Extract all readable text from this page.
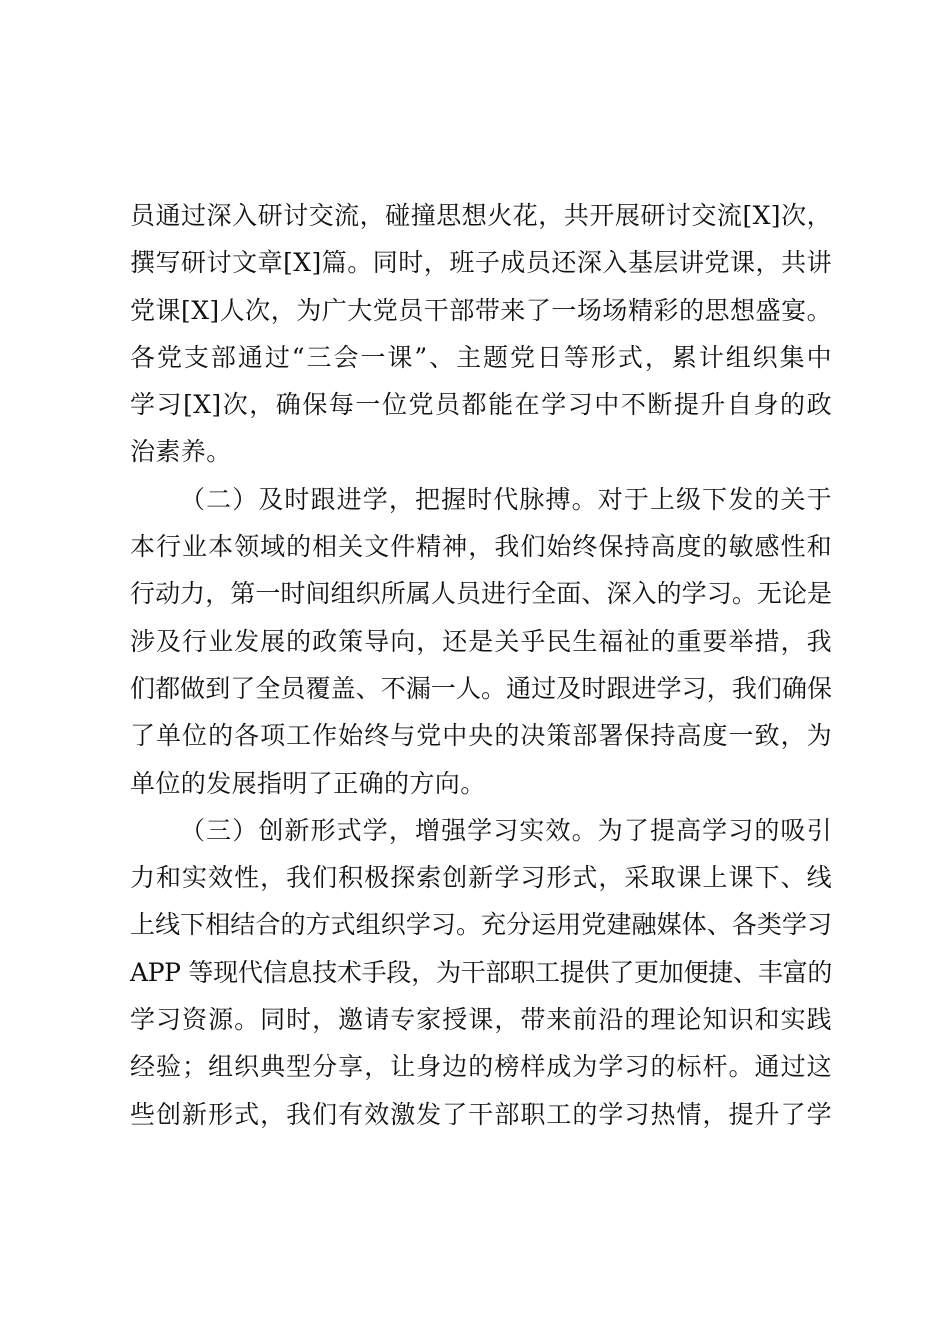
员通过深入研讨交流，碰撞思想火花，共开展研讨交流[X]次，
撰写研讨文章[X]篇。同时，班子成员还深入基层讲党课，共讲
党课[X]人次，为广大党员干部带来了一场场精彩的思想盛宴。
各党支部通过“三会一课”、主题党日等形式，累计组织集中
学习[X]次，确保每一位党员都能在学习中不断提升自身的政
治素养。
（二）及时跟进学，把握时代脉搏。对于上级下发的关于
本行业本领域的相关文件精神，我们始终保持高度的敏感性和
行动力，第一时间组织所属人员进行全面、深入的学习。无论是
涉及行业发展的政策导向，还是关乎民生福祉的重要举措，我
们都做到了全员覆盖、不漏一人。通过及时跟进学习，我们确保
了单位的各项工作始终与党中央的决策部署保持高度一致，为
单位的发展指明了正确的方向。
（三）创新形式学，增强学习实效。为了提高学习的吸引
力和实效性，我们积极探索创新学习形式，采取课上课下、线
上线下相结合的方式组织学习。充分运用党建融媒体、各类学习
APP 等现代信息技术手段，为干部职工提供了更加便捷、丰富的
学习资源。同时，邀请专家授课，带来前沿的理论知识和实践
经验；组织典型分享，让身边的榜样成为学习的标杆。通过这
些创新形式，我们有效激发了干部职工的学习热情，提升了学
